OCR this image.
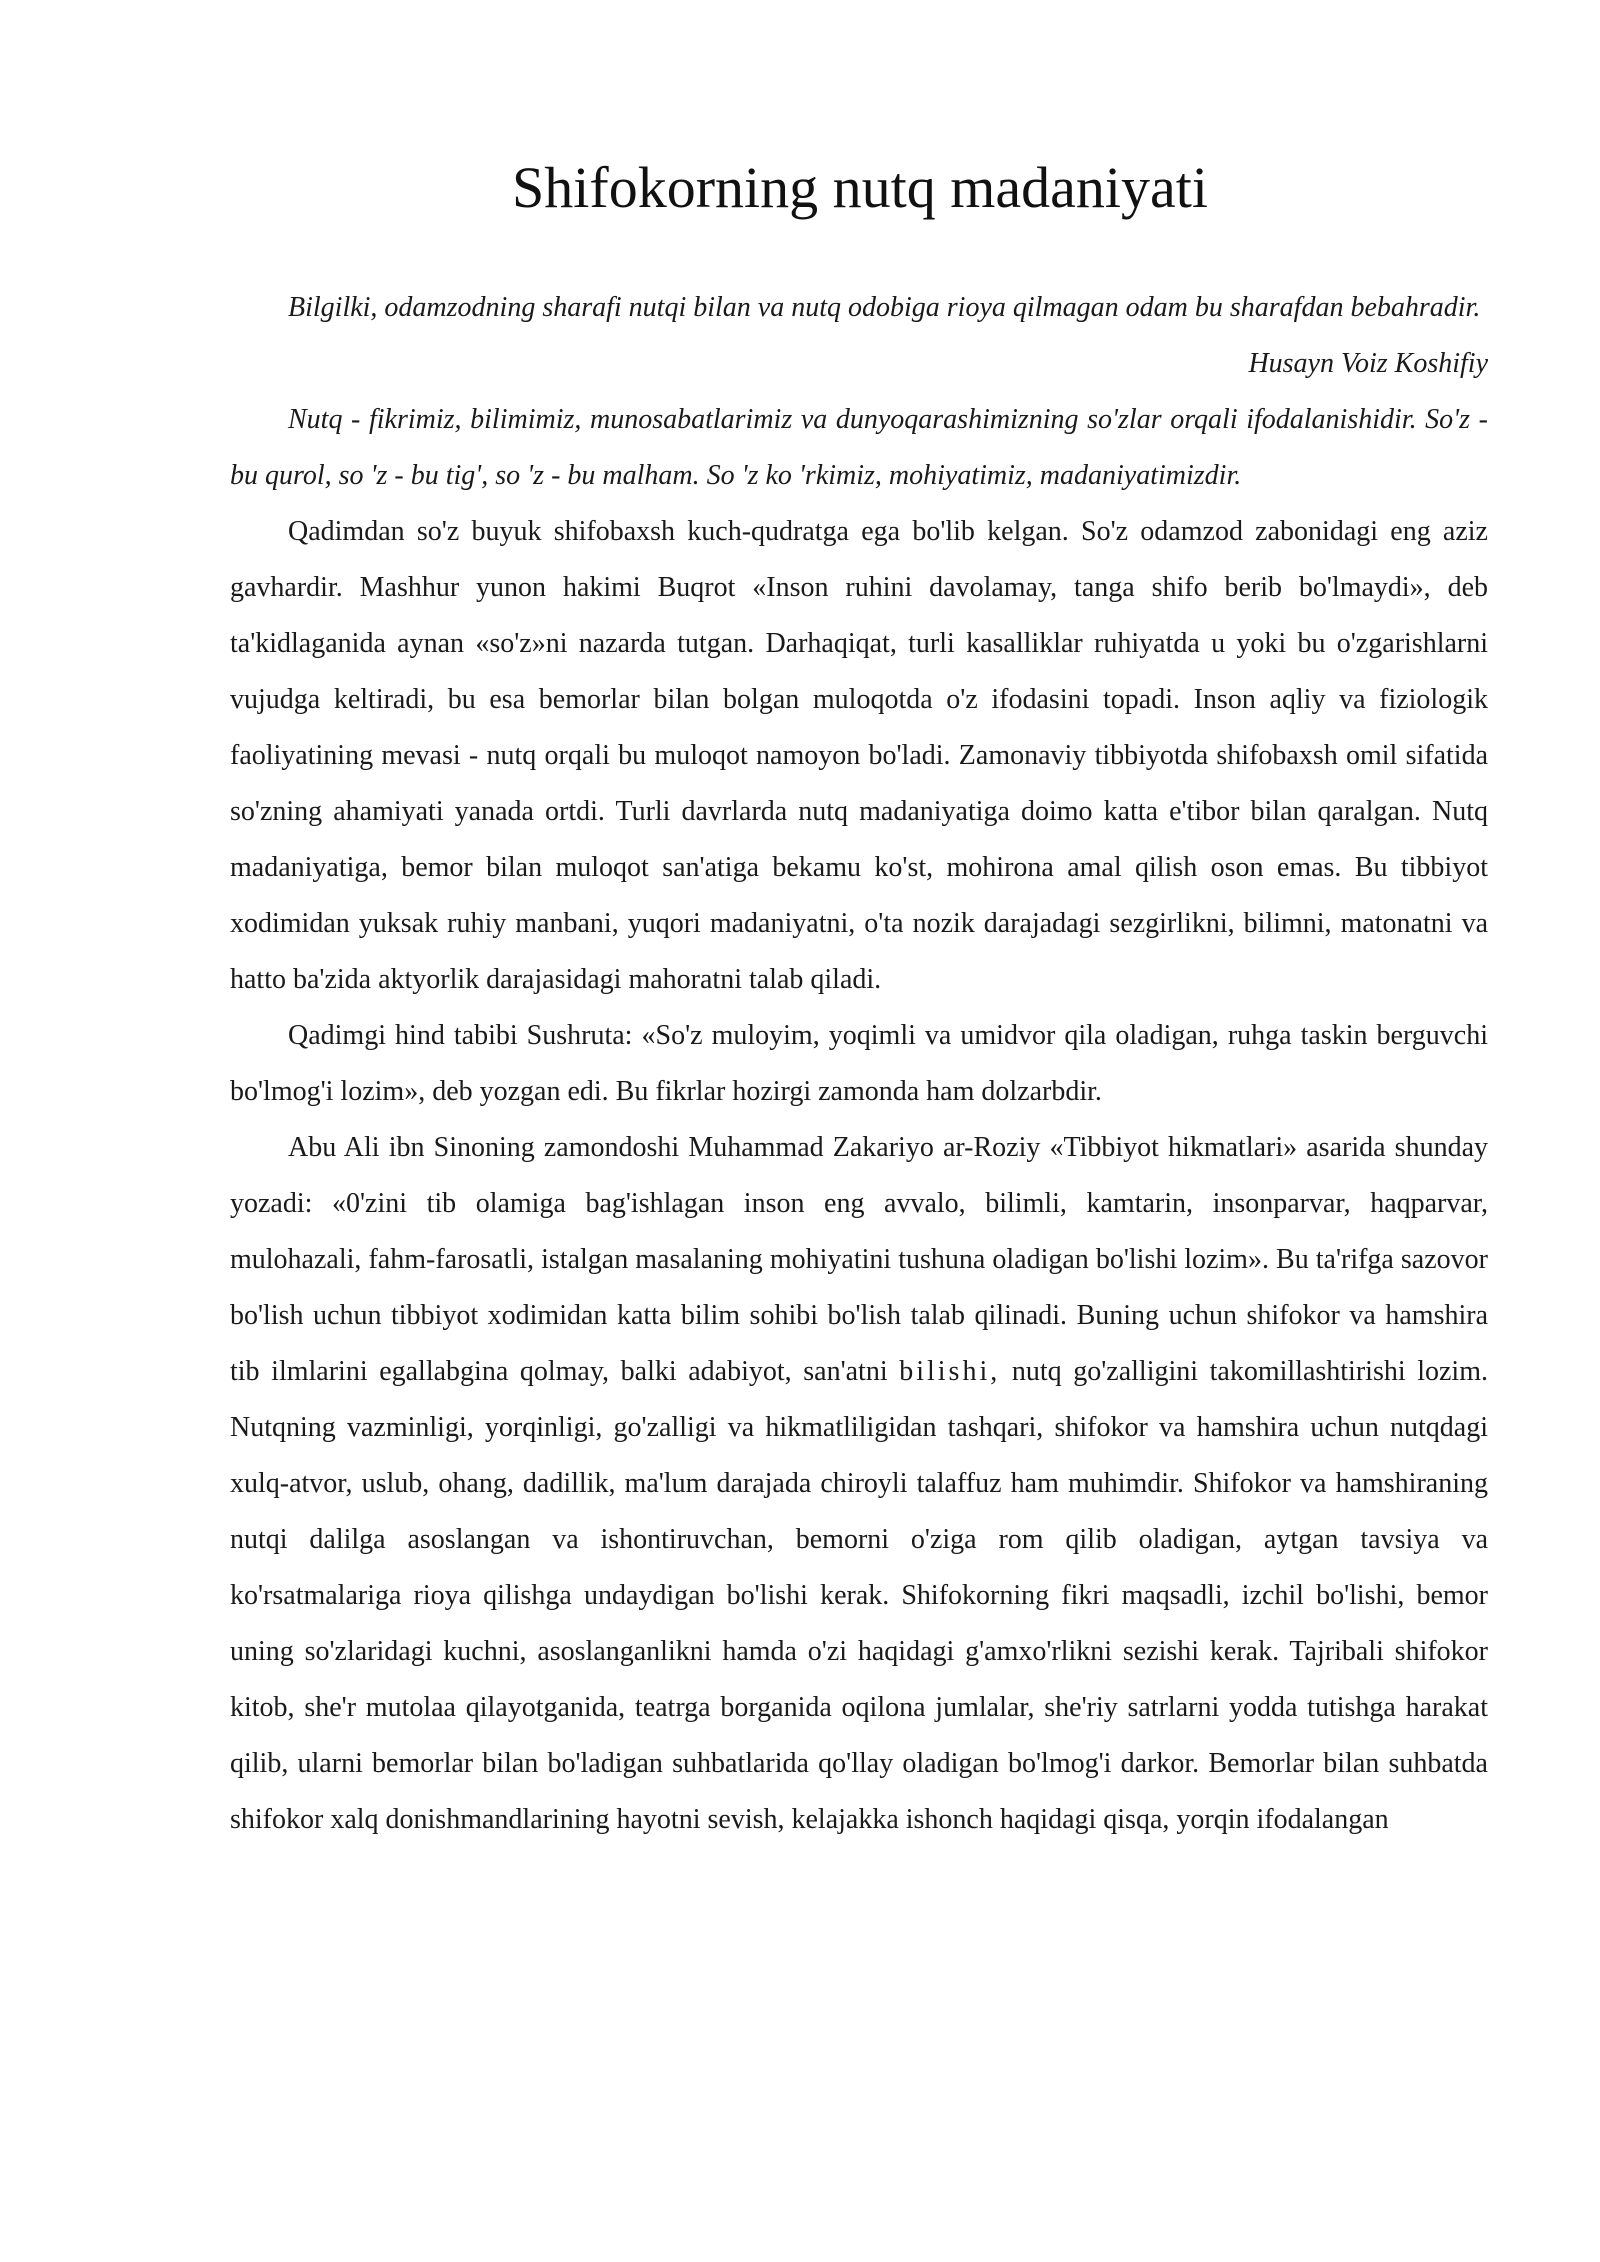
Shifokorning nutq madaniyati

Bilgilki, odamzodning sharafi nutqi bilan va nutq odobiga rioya qilmagan odam bu sharafdan bebahradir.

Husayn Voiz Koshifiy

Nutq - fikrimiz, bilimimiz, munosabatlarimiz va dunyoqarashimizning so'zlar orqali ifodalanishidir. So'z - bu qurol, so 'z - bu tig', so 'z - bu malham. So 'z ko 'rkimiz, mohiyatimiz, madaniyatimizdir.

Qadimdan so'z buyuk shifobaxsh kuch-qudratga ega bo'lib kelgan. So'z odamzod zabonidagi eng aziz gavhardir. Mashhur yunon hakimi Buqrot «Inson ruhini davolamay, tanga shifo berib bo'lmaydi», deb ta'kidlaganida aynan «so'z»ni nazarda tutgan. Darhaqiqat, turli kasalliklar ruhiyatda u yoki bu o'zgarishlarni vujudga keltiradi, bu esa bemorlar bilan bolgan muloqotda o'z ifodasini topadi. Inson aqliy va fiziologik faoliyatining mevasi - nutq orqali bu muloqot namoyon bo'ladi. Zamonaviy tibbiyotda shifobaxsh omil sifatida so'zning ahamiyati yanada ortdi. Turli davrlarda nutq madaniyatiga doimo katta e'tibor bilan qaralgan. Nutq madaniyatiga, bemor bilan muloqot san'atiga bekamu ko'st, mohirona amal qilish oson emas. Bu tibbiyot xodimidan yuksak ruhiy manbani, yuqori madaniyatni, o'ta nozik darajadagi sezgirlikni, bilimni, matonatni va hatto ba'zida aktyorlik darajasidagi mahoratni talab qiladi.

Qadimgi hind tabibi Sushruta: «So'z muloyim, yoqimli va umidvor qila oladigan, ruhga taskin berguvchi bo'lmog'i lozim», deb yozgan edi. Bu fikrlar hozirgi zamonda ham dolzarbdir.

Abu Ali ibn Sinoning zamondoshi Muhammad Zakariyo ar-Roziy «Tibbiyot hikmatlari» asarida shunday yozadi: «0'zini tib olamiga bag'ishlagan inson eng avvalo, bilimli, kamtarin, insonparvar, haqparvar, mulohazali, fahm-farosatli, istalgan masalaning mohiyatini tushuna oladigan bo'lishi lozim». Bu ta'rifga sazovor bo'lish uchun tibbiyot xodimidan katta bilim sohibi bo'lish talab qilinadi. Buning uchun shifokor va hamshira tib ilmlarini egallabgina qolmay, balki adabiyot, san'atni bilishi, nutq go'zalligini takomillashtirishi lozim. Nutqning vazminligi, yorqinligi, go'zalligi va hikmatliligidan tashqari, shifokor va hamshira uchun nutqdagi xulq-atvor, uslub, ohang, dadillik, ma'lum darajada chiroyli talaffuz ham muhimdir. Shifokor va hamshiraning nutqi dalilga asoslangan va ishontiruvchan, bemorni o'ziga rom qilib oladigan, aytgan tavsiya va ko'rsatmalariga rioya qilishga undaydigan bo'lishi kerak. Shifokorning fikri maqsadli, izchil bo'lishi, bemor uning so'zlaridagi kuchni, asoslanganlikni hamda o'zi haqidagi g'amxo'rlikni sezishi kerak. Tajribali shifokor kitob, she'r mutolaa qilayotganida, teatrga borganida oqilona jumlalar, she'riy satrlarni yodda tutishga harakat qilib, ularni bemorlar bilan bo'ladigan suhbatlarida qo'llay oladigan bo'lmog'i darkor. Bemorlar bilan suhbatda shifokor xalq donishmandlarining hayotni sevish, kelajakka ishonch haqidagi qisqa, yorqin ifodalangan
